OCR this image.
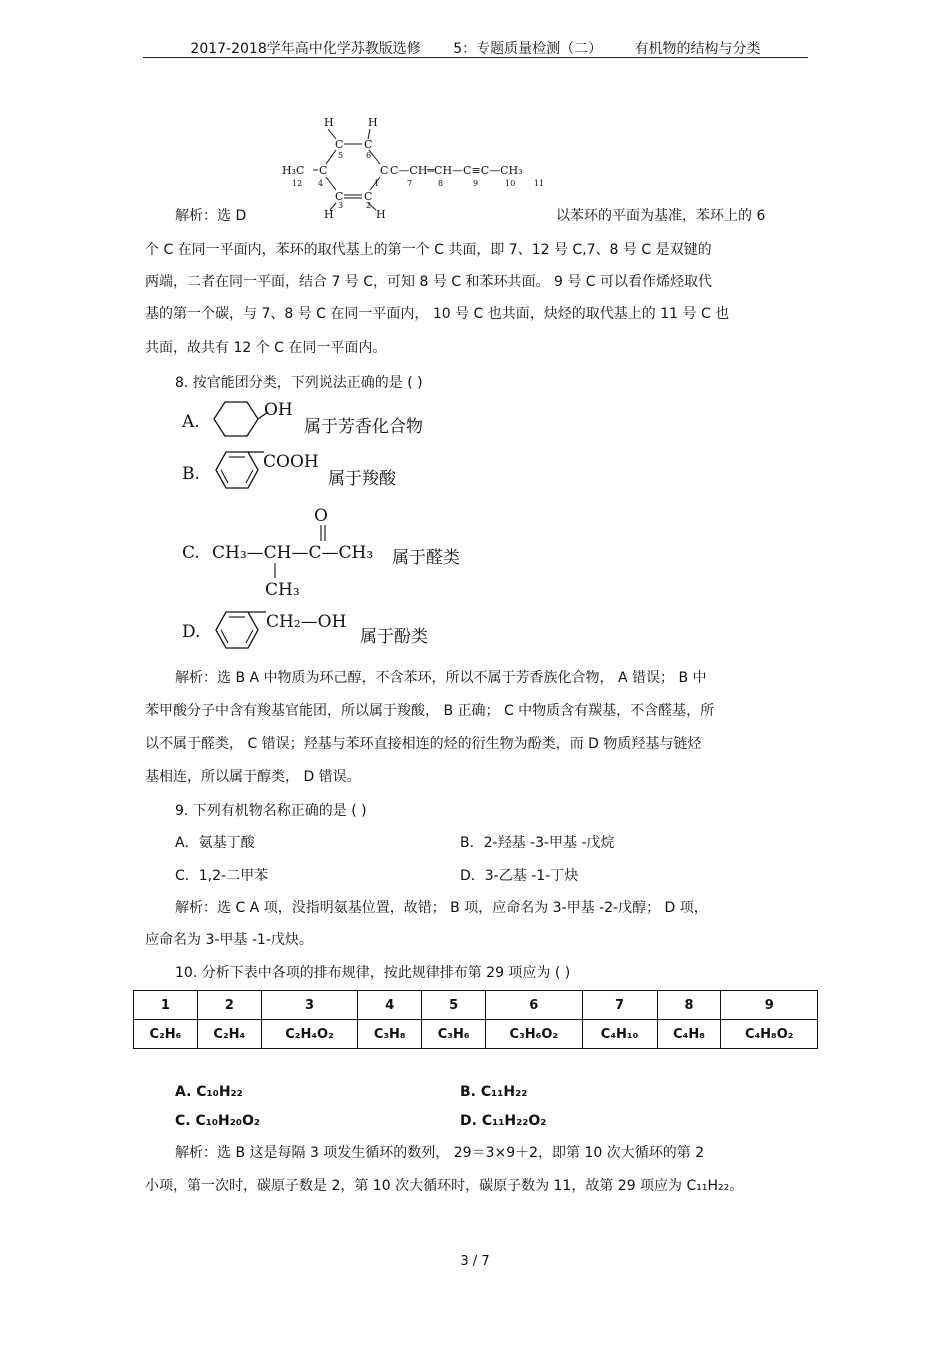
2017-2018学年高中化学苏教版选修 5：专题质量检测（二） 有机物的结构与分类
H	H
C C
5	6
H₃C C	C C—CH═CH—C≡C—CH₃
12 4	1	7	8	9	10 11
C C
3	2
H	H
解析：选 D	以苯环的平面为基准，苯环上的 6
个 C 在同一平面内，苯环的取代基上的第一个 C 共面，即 7、12 号 C,7、8 号 C 是双键的
两端，二者在同一平面，结合 7 号 C，可知 8 号 C 和苯环共面。 9 号 C 可以看作烯烃取代
基的第一个碳，与 7、8 号 C 在同一平面内， 10 号 C 也共面，炔烃的取代基上的 11 号 C 也
共面，故共有 12 个 C 在同一平面内。
8. 按官能团分类，下列说法正确的是 ( )
A.
OH
属于芳香化合物
B.
COOH
属于羧酸
C.
O
CH₃—CH—C—CH₃
CH₃
属于醛类
D.	CH₂—OH
属于酚类
解析：选 B A 中物质为环己醇，不含苯环，所以不属于芳香族化合物， A 错误； B 中
苯甲酸分子中含有羧基官能团，所以属于羧酸， B 正确； C 中物质含有羰基，不含醛基，所
以不属于醛类， C 错误；羟基与苯环直接相连的烃的衍生物为酚类，而 D 物质羟基与链烃
基相连，所以属于醇类， D 错误。
9. 下列有机物名称正确的是 ( )
A．氨基丁酸	B．2-羟基 -3-甲基 -戊烷
C．1,2-二甲苯	D．3-乙基 -1-丁炔
解析：选 C A 项，没指明氨基位置，故错； B 项，应命名为 3-甲基 -2-戊醇； D 项，
应命名为 3-甲基 -1-戊炔。
10. 分析下表中各项的排布规律，按此规律排布第 29 项应为 ( )
1	2	3	4	5	6	7	8	9
C₂H₆	C₂H₄	C₂H₄O₂	C₃H₈	C₃H₆	C₃H₆O₂	C₄H₁₀	C₄H₈	C₄H₈O₂
A. C₁₀H₂₂	B. C₁₁H₂₂
C. C₁₀H₂₀O₂	D. C₁₁H₂₂O₂
解析：选 B 这是每隔 3 项发生循环的数列， 29＝3×9＋2，即第 10 次大循环的第 2
小项，第一次时，碳原子数是 2，第 10 次大循环时，碳原子数为 11，故第 29 项应为 C₁₁H₂₂。
3 / 7
